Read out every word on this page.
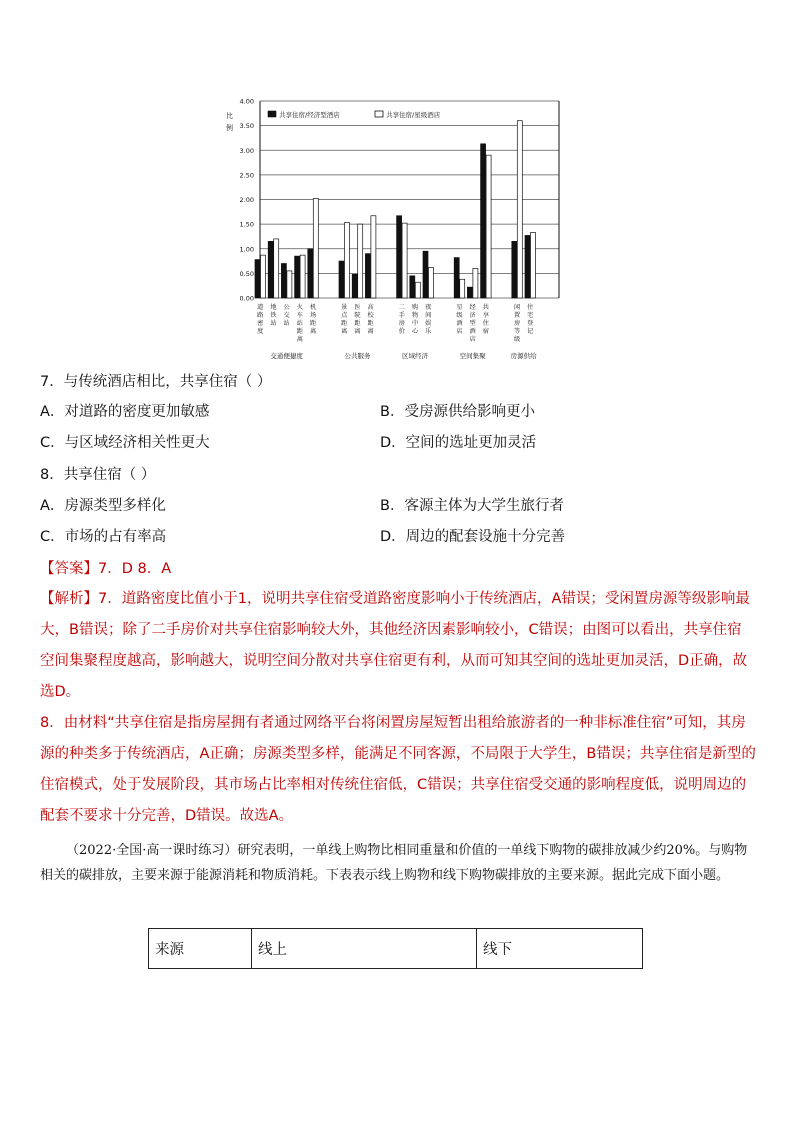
0.00
0.50
1.00
1.50
2.00
2.50
3.00
3.50
4.00
比
例
共享住宿/经济型酒店	共享住宿/星级酒店
道
路
密
度
地
铁
站
公
交
站
火
车
站
距
离
机
场
距
离
交通便捷度
景
点
距
离
医
院
距
离
高
校
距
离
公共服务
二
手
房
价
购
物
中
心
夜
间
娱
乐
区域经济
星
级
酒
店
经
济
型
酒
店
共
享
住
宿
空间集聚
闲
置
房
等
级
住
宅
登
记
房源供给
7．与传统酒店相比，共享住宿（ ）
A．对道路的密度更加敏感	B．受房源供给影响更小
C．与区域经济相关性更大	D．空间的选址更加灵活
8．共享住宿（ ）
A．房源类型多样化	B．客源主体为大学生旅行者
C．市场的占有率高	D．周边的配套设施十分完善
【答案】7．D 8．A
【解析】7．道路密度比值小于1，说明共享住宿受道路密度影响小于传统酒店，A错误；受闲置房源等级影响最大，B错误；除了二手房价对共享住宿影响较大外，其他经济因素影响较小，C错误；由图可以看出，共享住宿空间集聚程度越高，影响越大，说明空间分散对共享住宿更有利，从而可知其空间的选址更加灵活，D正确，故选D。
8．由材料“共享住宿是指房屋拥有者通过网络平台将闲置房屋短暂出租给旅游者的一种非标准住宿”可知，其房源的种类多于传统酒店，A正确；房源类型多样，能满足不同客源，不局限于大学生，B错误；共享住宿是新型的住宿模式，处于发展阶段，其市场占比率相对传统住宿低，C错误；共享住宿受交通的影响程度低，说明周边的配套不要求十分完善，D错误。故选A。
（2022·全国·高一课时练习）研究表明，一单线上购物比相同重量和价值的一单线下购物的碳排放减少约20%。与购物相关的碳排放，主要来源于能源消耗和物质消耗。下表表示线上购物和线下购物碳排放的主要来源。据此完成下面小题。
来源	线上	线下
